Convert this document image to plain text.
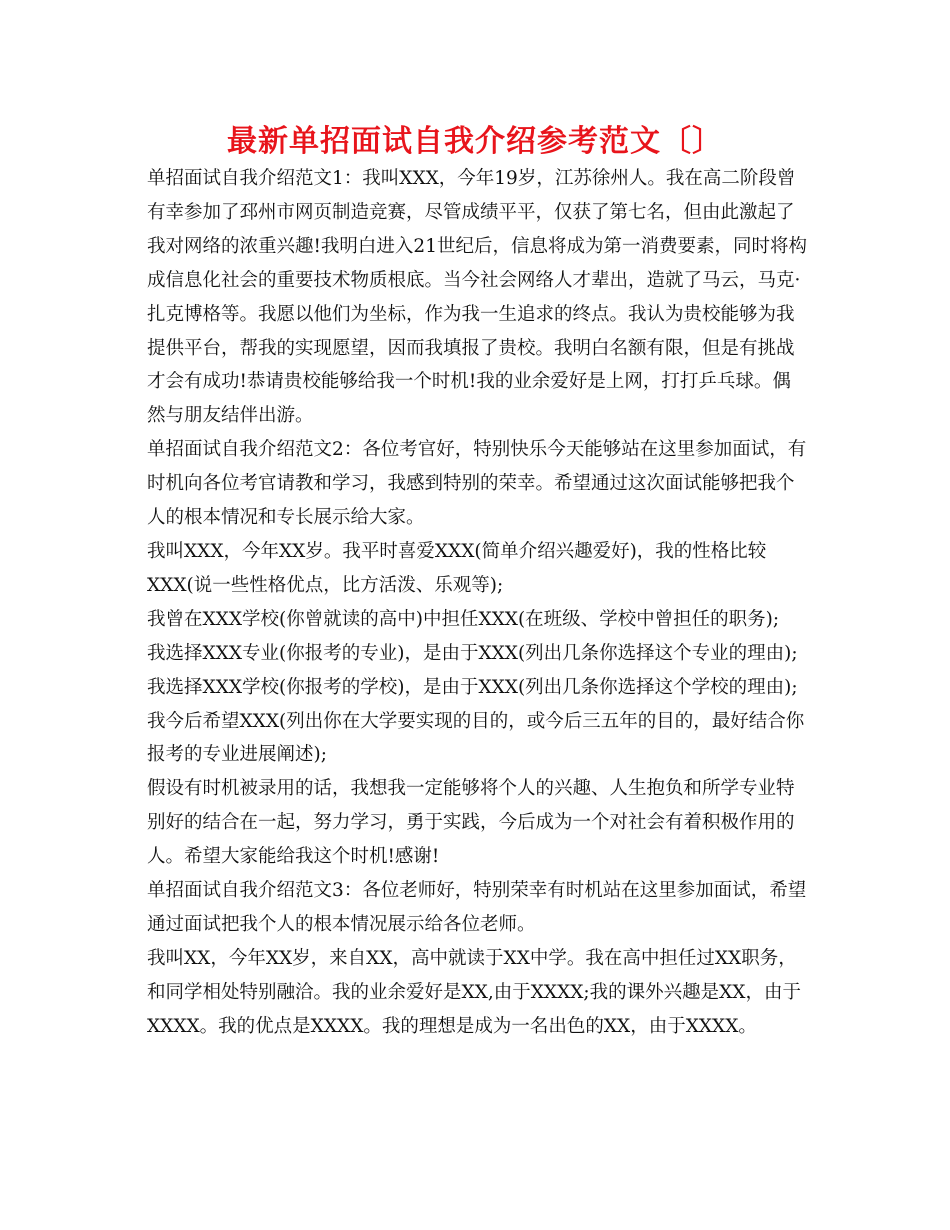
最新单招面试自我介绍参考范文〔〕

单招面试自我介绍范文1：我叫XXX，今年19岁，江苏徐州人。我在高二阶段曾有幸参加了邳州市网页制造竞赛，尽管成绩平平，仅获了第七名，但由此激起了我对网络的浓重兴趣!我明白进入21世纪后，信息将成为第一消费要素，同时将构成信息化社会的重要技术物质根底。当今社会网络人才辈出，造就了马云，马克·扎克博格等。我愿以他们为坐标，作为我一生追求的终点。我认为贵校能够为我提供平台，帮我的实现愿望，因而我填报了贵校。我明白名额有限，但是有挑战才会有成功!恭请贵校能够给我一个时机!我的业余爱好是上网，打打乒乓球。偶然与朋友结伴出游。

单招面试自我介绍范文2：各位考官好，特别快乐今天能够站在这里参加面试，有时机向各位考官请教和学习，我感到特别的荣幸。希望通过这次面试能够把我个人的根本情况和专长展示给大家。

我叫XXX，今年XX岁。我平时喜爱XXX(简单介绍兴趣爱好)，我的性格比较XXX(说一些性格优点，比方活泼、乐观等);

我曾在XXX学校(你曾就读的高中)中担任XXX(在班级、学校中曾担任的职务);

我选择XXX专业(你报考的专业)，是由于XXX(列出几条你选择这个专业的理由);

我选择XXX学校(你报考的学校)，是由于XXX(列出几条你选择这个学校的理由);

我今后希望XXX(列出你在大学要实现的目的，或今后三五年的目的，最好结合你报考的专业进展阐述);

假设有时机被录用的话，我想我一定能够将个人的兴趣、人生抱负和所学专业特别好的结合在一起，努力学习，勇于实践，今后成为一个对社会有着积极作用的人。希望大家能给我这个时机!感谢!

单招面试自我介绍范文3：各位老师好，特别荣幸有时机站在这里参加面试，希望通过面试把我个人的根本情况展示给各位老师。

我叫XX，今年XX岁，来自XX，高中就读于XX中学。我在高中担任过XX职务，和同学相处特别融洽。我的业余爱好是XX,由于XXXX;我的课外兴趣是XX，由于XXXX。我的优点是XXXX。我的理想是成为一名出色的XX，由于XXXX。
